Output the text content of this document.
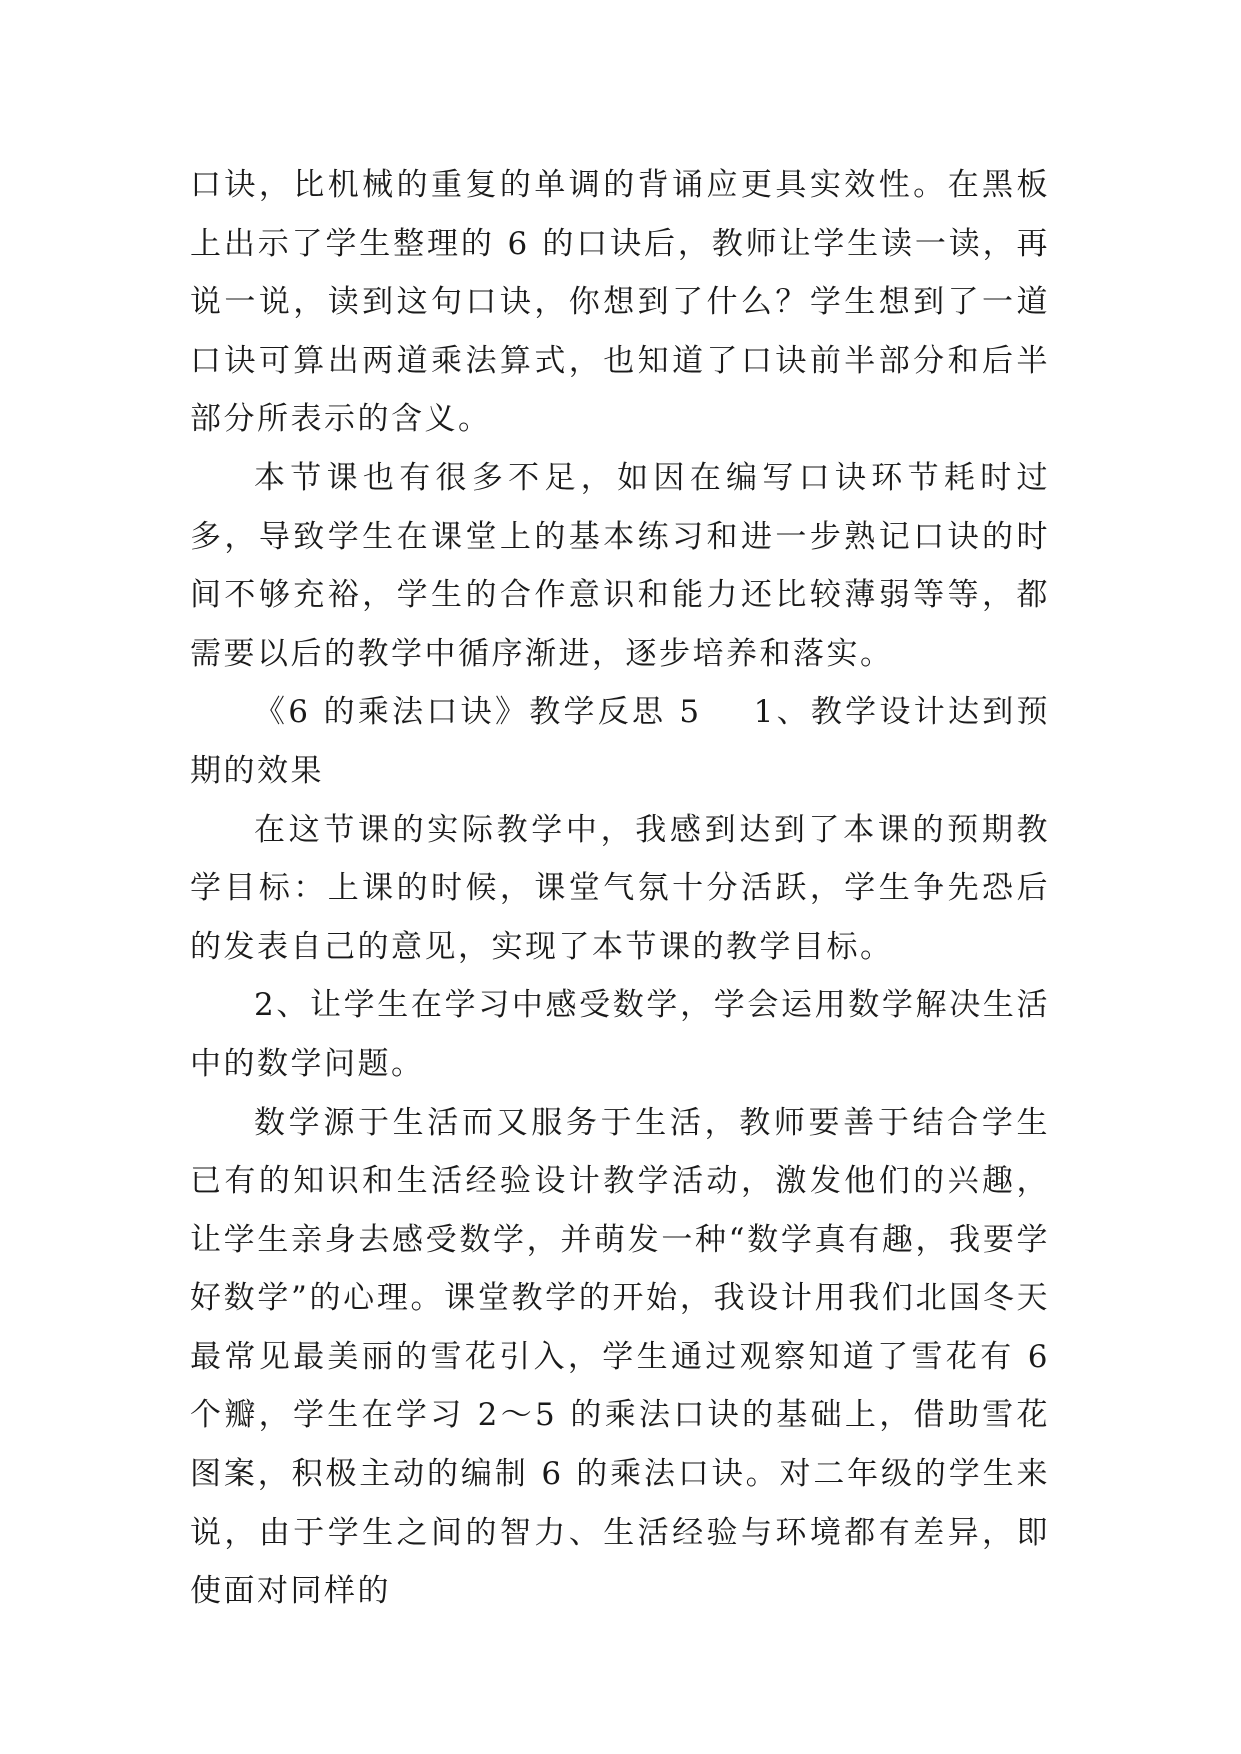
口诀，比机械的重复的单调的背诵应更具实效性。在黑板上出示了学生整理的 6 的口诀后，教师让学生读一读，再说一说，读到这句口诀，你想到了什么？学生想到了一道口诀可算出两道乘法算式，也知道了口诀前半部分和后半部分所表示的含义。

本节课也有很多不足，如因在编写口诀环节耗时过多，导致学生在课堂上的基本练习和进一步熟记口诀的时间不够充裕，学生的合作意识和能力还比较薄弱等等，都需要以后的教学中循序渐进，逐步培养和落实。

《6 的乘法口诀》教学反思 5 1、教学设计达到预期的效果

在这节课的实际教学中，我感到达到了本课的预期教学目标：上课的时候，课堂气氛十分活跃，学生争先恐后的发表自己的意见，实现了本节课的教学目标。

2、让学生在学习中感受数学，学会运用数学解决生活中的数学问题。

数学源于生活而又服务于生活，教师要善于结合学生已有的知识和生活经验设计教学活动，激发他们的兴趣，让学生亲身去感受数学，并萌发一种“数学真有趣，我要学好数学”的心理。课堂教学的开始，我设计用我们北国冬天最常见最美丽的雪花引入，学生通过观察知道了雪花有 6 个瓣，学生在学习 2～5 的乘法口诀的基础上，借助雪花图案，积极主动的编制 6 的乘法口诀。对二年级的学生来说，由于学生之间的智力、生活经验与环境都有差异，即使面对同样的
